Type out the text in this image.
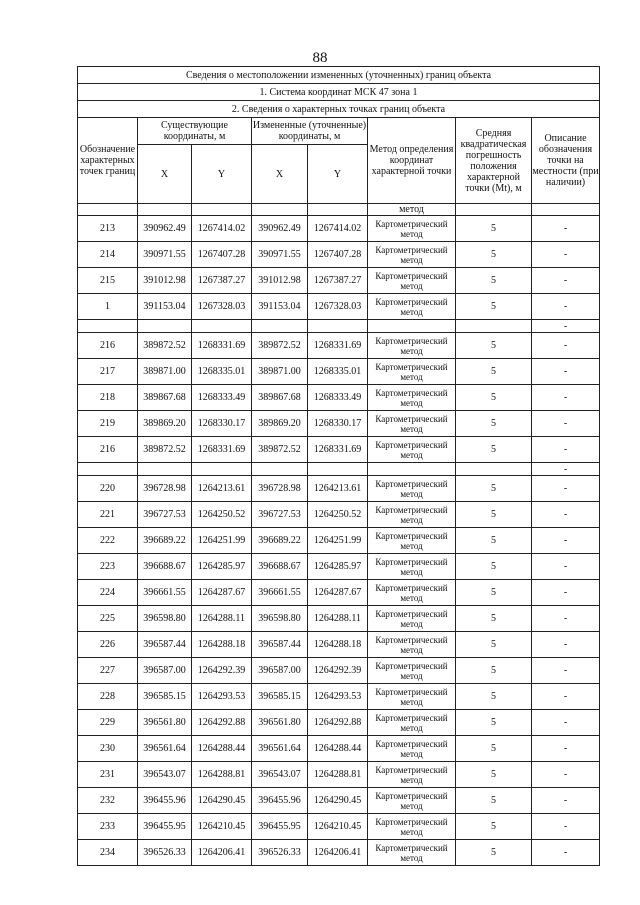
88
Сведения о местоположении измененных (уточненных) границ объекта							
1. Система координат МСК 47 зона 1							
2. Сведения о характерных точках границ объекта							
Обозначение характерных точек границ	Существующие координаты, м		Измененные (уточненные) координаты, м		Метод определения координат характерной точки	Средняя квадратическая погрешность положения характерной точки (Mt), м	Описание обозначения точки на местности (при наличии)
	X	Y	X	Y			
					метод		
213	390962.49	1267414.02	390962.49	1267414.02	Картометрический метод	5	-
214	390971.55	1267407.28	390971.55	1267407.28	Картометрический метод	5	-
215	391012.98	1267387.27	391012.98	1267387.27	Картометрический метод	5	-
1	391153.04	1267328.03	391153.04	1267328.03	Картометрический метод	5	-
							-
216	389872.52	1268331.69	389872.52	1268331.69	Картометрический метод	5	-
217	389871.00	1268335.01	389871.00	1268335.01	Картометрический метод	5	-
218	389867.68	1268333.49	389867.68	1268333.49	Картометрический метод	5	-
219	389869.20	1268330.17	389869.20	1268330.17	Картометрический метод	5	-
216	389872.52	1268331.69	389872.52	1268331.69	Картометрический метод	5	-
							-
220	396728.98	1264213.61	396728.98	1264213.61	Картометрический метод	5	-
221	396727.53	1264250.52	396727.53	1264250.52	Картометрический метод	5	-
222	396689.22	1264251.99	396689.22	1264251.99	Картометрический метод	5	-
223	396688.67	1264285.97	396688.67	1264285.97	Картометрический метод	5	-
224	396661.55	1264287.67	396661.55	1264287.67	Картометрический метод	5	-
225	396598.80	1264288.11	396598.80	1264288.11	Картометрический метод	5	-
226	396587.44	1264288.18	396587.44	1264288.18	Картометрический метод	5	-
227	396587.00	1264292.39	396587.00	1264292.39	Картометрический метод	5	-
228	396585.15	1264293.53	396585.15	1264293.53	Картометрический метод	5	-
229	396561.80	1264292.88	396561.80	1264292.88	Картометрический метод	5	-
230	396561.64	1264288.44	396561.64	1264288.44	Картометрический метод	5	-
231	396543.07	1264288.81	396543.07	1264288.81	Картометрический метод	5	-
232	396455.96	1264290.45	396455.96	1264290.45	Картометрический метод	5	-
233	396455.95	1264210.45	396455.95	1264210.45	Картометрический метод	5	-
234	396526.33	1264206.41	396526.33	1264206.41	Картометрический метод	5	-
